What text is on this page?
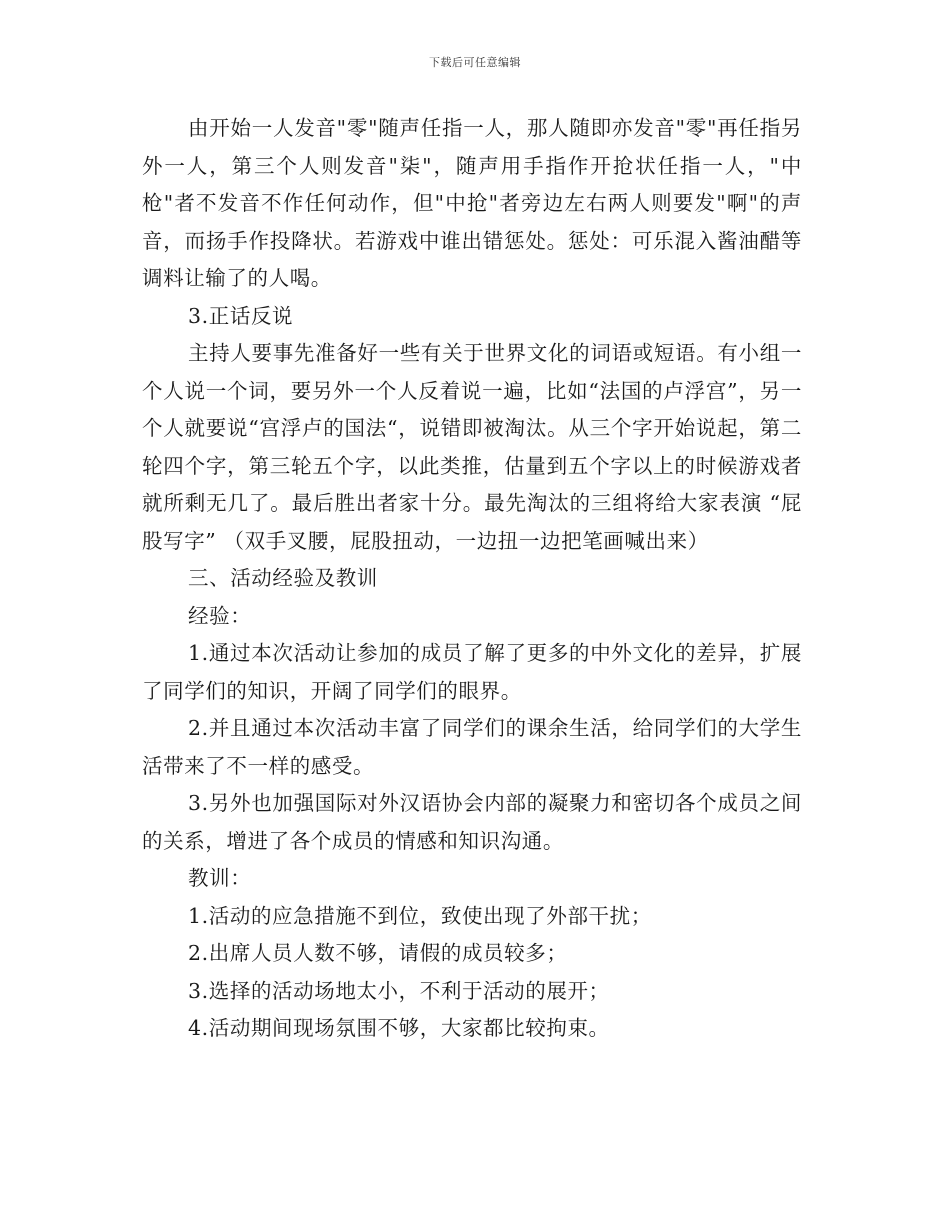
下载后可任意编辑

由开始一人发音"零"随声任指一人，那人随即亦发音"零"再任指另外一人，第三个人则发音"柒"，随声用手指作开抢状任指一人，"中枪"者不发音不作任何动作，但"中抢"者旁边左右两人则要发"啊"的声音，而扬手作投降状。若游戏中谁出错惩处。惩处：可乐混入酱油醋等调料让输了的人喝。

3.正话反说

主持人要事先准备好一些有关于世界文化的词语或短语。有小组一个人说一个词，要另外一个人反着说一遍，比如“法国的卢浮宫”，另一个人就要说“宫浮卢的国法“，说错即被淘汰。从三个字开始说起，第二轮四个字，第三轮五个字，以此类推，估量到五个字以上的时候游戏者就所剩无几了。最后胜出者家十分。最先淘汰的三组将给大家表演 “屁股写字” （双手叉腰，屁股扭动，一边扭一边把笔画喊出来）

三、活动经验及教训

经验：

1.通过本次活动让参加的成员了解了更多的中外文化的差异，扩展了同学们的知识，开阔了同学们的眼界。

2.并且通过本次活动丰富了同学们的课余生活，给同学们的大学生活带来了不一样的感受。

3.另外也加强国际对外汉语协会内部的凝聚力和密切各个成员之间的关系，增进了各个成员的情感和知识沟通。

教训：

1.活动的应急措施不到位，致使出现了外部干扰；

2.出席人员人数不够，请假的成员较多；

3.选择的活动场地太小，不利于活动的展开；

4.活动期间现场氛围不够，大家都比较拘束。
